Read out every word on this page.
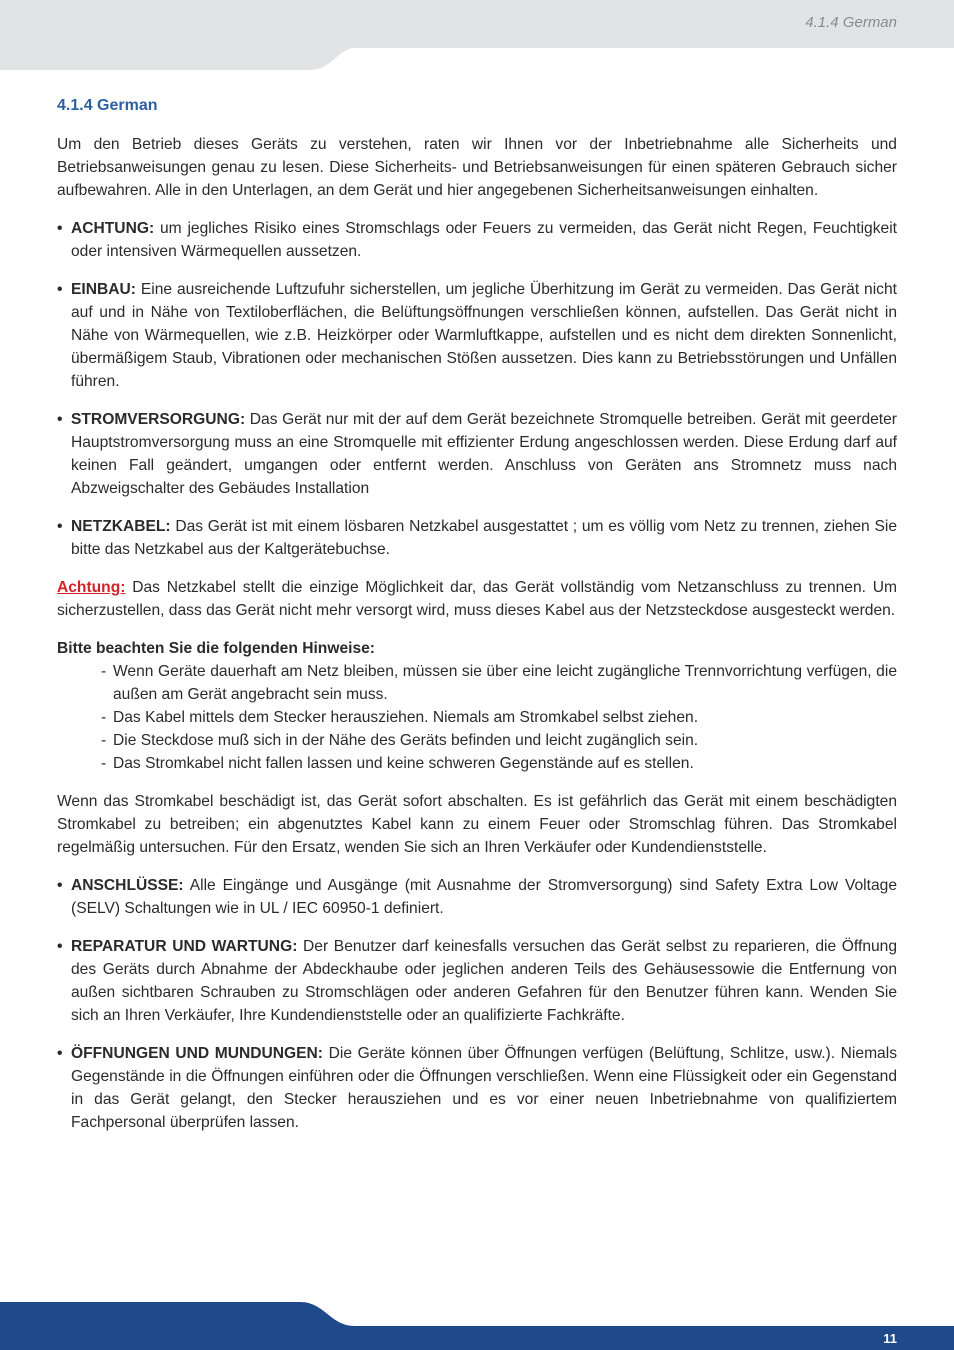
4.1.4 German
4.1.4 German

Um den Betrieb dieses Geräts zu verstehen, raten wir Ihnen vor der Inbetriebnahme alle Sicherheits und Betriebsanweisungen genau zu lesen. Diese Sicherheits- und Betriebsanweisungen für einen späteren Gebrauch sicher aufbewahren. Alle in den Unterlagen, an dem Gerät und hier angegebenen Sicherheitsanweisungen einhalten.

• ACHTUNG: um jegliches Risiko eines Stromschlags oder Feuers zu vermeiden, das Gerät nicht Regen, Feuchtigkeit oder intensiven Wärmequellen aussetzen.
• EINBAU: Eine ausreichende Luftzufuhr sicherstellen, um jegliche Überhitzung im Gerät zu vermeiden. Das Gerät nicht auf und in Nähe von Textiloberflächen, die Belüftungsöffnungen verschließen können, aufstellen. Das Gerät nicht in Nähe von Wärmequellen, wie z.B. Heizkörper oder Warmluftkappe, aufstellen und es nicht dem direkten Sonnenlicht, übermäßigem Staub, Vibrationen oder mechanischen Stößen aussetzen. Dies kann zu Betriebsstörungen und Unfällen führen.
• STROMVERSORGUNG: Das Gerät nur mit der auf dem Gerät bezeichnete Stromquelle betreiben. Gerät mit geerdeter Hauptstromversorgung muss an eine Stromquelle mit effizienter Erdung angeschlossen werden. Diese Erdung darf auf keinen Fall geändert, umgangen oder entfernt werden. Anschluss von Geräten ans Stromnetz muss nach Abzweigschalter des Gebäudes Installation
• NETZKABEL: Das Gerät ist mit einem lösbaren Netzkabel ausgestattet ; um es völlig vom Netz zu trennen, ziehen Sie bitte das Netzkabel aus der Kaltgerätebuchse.

Achtung: Das Netzkabel stellt die einzige Möglichkeit dar, das Gerät vollständig vom Netzanschluss zu trennen. Um sicherzustellen, dass das Gerät nicht mehr versorgt wird, muss dieses Kabel aus der Netzsteckdose ausgesteckt werden.

Bitte beachten Sie die folgenden Hinweise:
- Wenn Geräte dauerhaft am Netz bleiben, müssen sie über eine leicht zugängliche Trennvorrichtung verfügen, die außen am Gerät angebracht sein muss.
- Das Kabel mittels dem Stecker herausziehen. Niemals am Stromkabel selbst ziehen.
- Die Steckdose muß sich in der Nähe des Geräts befinden und leicht zugänglich sein.
- Das Stromkabel nicht fallen lassen und keine schweren Gegenstände auf es stellen.

Wenn das Stromkabel beschädigt ist, das Gerät sofort abschalten. Es ist gefährlich das Gerät mit einem beschädigten Stromkabel zu betreiben; ein abgenutztes Kabel kann zu einem Feuer oder Stromschlag führen. Das Stromkabel regelmäßig untersuchen. Für den Ersatz, wenden Sie sich an Ihren Verkäufer oder Kundendienststelle.

• ANSCHLÜSSE: Alle Eingänge und Ausgänge (mit Ausnahme der Stromversorgung) sind Safety Extra Low Voltage (SELV) Schaltungen wie in UL / IEC 60950-1 definiert.
• REPARATUR UND WARTUNG: Der Benutzer darf keinesfalls versuchen das Gerät selbst zu reparieren, die Öffnung des Geräts durch Abnahme der Abdeckhaube oder jeglichen anderen Teils des Gehäusessowie die Entfernung von außen sichtbaren Schrauben zu Stromschlägen oder anderen Gefahren für den Benutzer führen kann. Wenden Sie sich an Ihren Verkäufer, Ihre Kundendienststelle oder an qualifizierte Fachkräfte.
• ÖFFNUNGEN UND MUNDUNGEN: Die Geräte können über Öffnungen verfügen (Belüftung, Schlitze, usw.). Niemals Gegenstände in die Öffnungen einführen oder die Öffnungen verschließen. Wenn eine Flüssigkeit oder ein Gegenstand in das Gerät gelangt, den Stecker herausziehen und es vor einer neuen Inbetriebnahme von qualifiziertem Fachpersonal überprüfen lassen.
11
